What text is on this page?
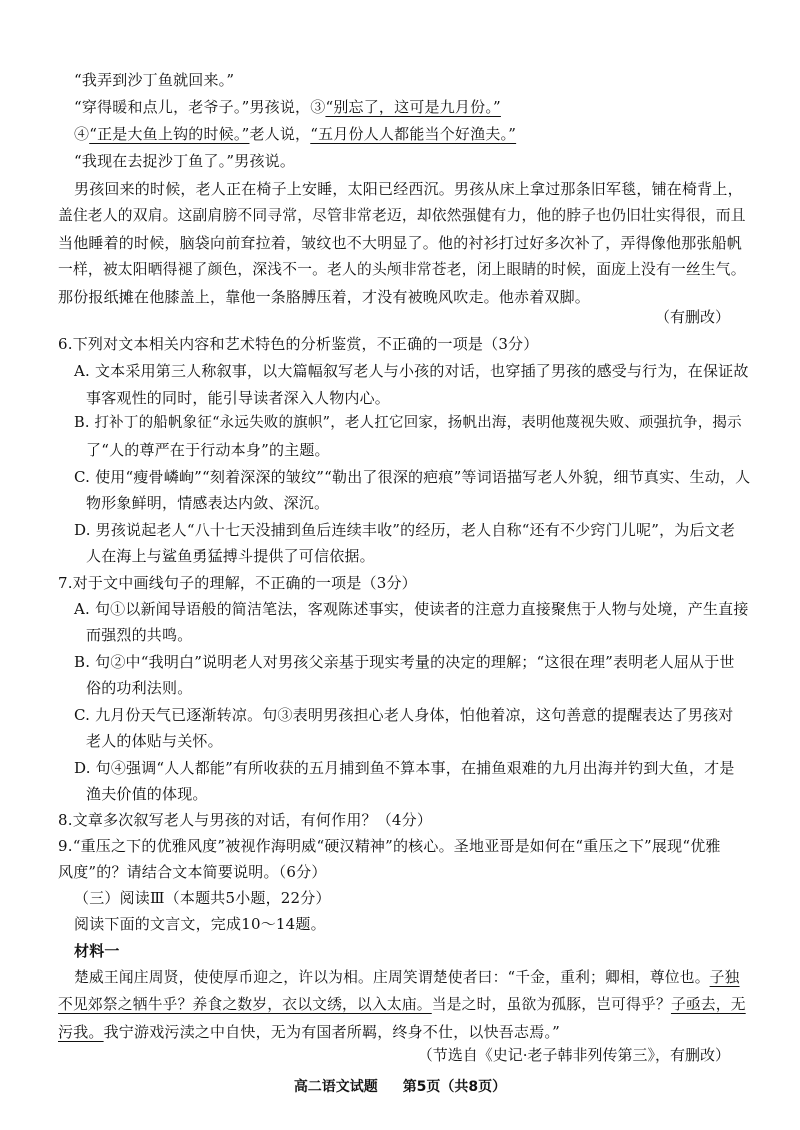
“我弄到沙丁鱼就回来。”
“穿得暖和点儿，老爷子。”男孩说，③“别忘了，这可是九月份。”
④“正是大鱼上钩的时候。”老人说，“五月份人人都能当个好渔夫。”
“我现在去捉沙丁鱼了。”男孩说。
男孩回来的时候，老人正在椅子上安睡，太阳已经西沉。男孩从床上拿过那条旧军毯，铺在椅背上，
盖住老人的双肩。这副肩膀不同寻常，尽管非常老迈，却依然强健有力，他的脖子也仍旧壮实得很，而且
当他睡着的时候，脑袋向前耷拉着，皱纹也不大明显了。他的衬衫打过好多次补了，弄得像他那张船帆
一样，被太阳晒得褪了颜色，深浅不一。老人的头颅非常苍老，闭上眼睛的时候，面庞上没有一丝生气。
那份报纸摊在他膝盖上，靠他一条胳膊压着，才没有被晚风吹走。他赤着双脚。
（有删改）
6.下列对文本相关内容和艺术特色的分析鉴赏，不正确的一项是（3分）
A. 文本采用第三人称叙事，以大篇幅叙写老人与小孩的对话，也穿插了男孩的感受与行为，在保证故
事客观性的同时，能引导读者深入人物内心。
B. 打补丁的船帆象征“永远失败的旗帜”，老人扛它回家，扬帆出海，表明他蔑视失败、顽强抗争，揭示
了“人的尊严在于行动本身”的主题。
C. 使用“瘦骨嶙峋”“刻着深深的皱纹”“勒出了很深的疤痕”等词语描写老人外貌，细节真实、生动，人
物形象鲜明，情感表达内敛、深沉。
D. 男孩说起老人“八十七天没捕到鱼后连续丰收”的经历，老人自称“还有不少窍门儿呢”，为后文老
人在海上与鲨鱼勇猛搏斗提供了可信依据。
7.对于文中画线句子的理解，不正确的一项是（3分）
A. 句①以新闻导语般的简洁笔法，客观陈述事实，使读者的注意力直接聚焦于人物与处境，产生直接
而强烈的共鸣。
B. 句②中“我明白”说明老人对男孩父亲基于现实考量的决定的理解；“这很在理”表明老人屈从于世
俗的功利法则。
C. 九月份天气已逐渐转凉。句③表明男孩担心老人身体，怕他着凉，这句善意的提醒表达了男孩对
老人的体贴与关怀。
D. 句④强调“人人都能”有所收获的五月捕到鱼不算本事，在捕鱼艰难的九月出海并钓到大鱼，才是
渔夫价值的体现。
8.文章多次叙写老人与男孩的对话，有何作用？（4分）
9.“重压之下的优雅风度”被视作海明威“硬汉精神”的核心。圣地亚哥是如何在“重压之下”展现“优雅
风度”的？请结合文本简要说明。（6分）
（三）阅读Ⅲ（本题共5小题，22分）
阅读下面的文言文，完成10～14题。
材料一
楚威王闻庄周贤，使使厚币迎之，许以为相。庄周笑谓楚使者曰：“千金，重利；卿相，尊位也。子独
不见郊祭之牺牛乎？养食之数岁，衣以文绣，以入太庙。当是之时，虽欲为孤豚，岂可得乎？子亟去，无
污我。我宁游戏污渎之中自快，无为有国者所羁，终身不仕，以快吾志焉。”
（节选自《史记·老子韩非列传第三》，有删改）
高二语文试题 第5页（共8页）
